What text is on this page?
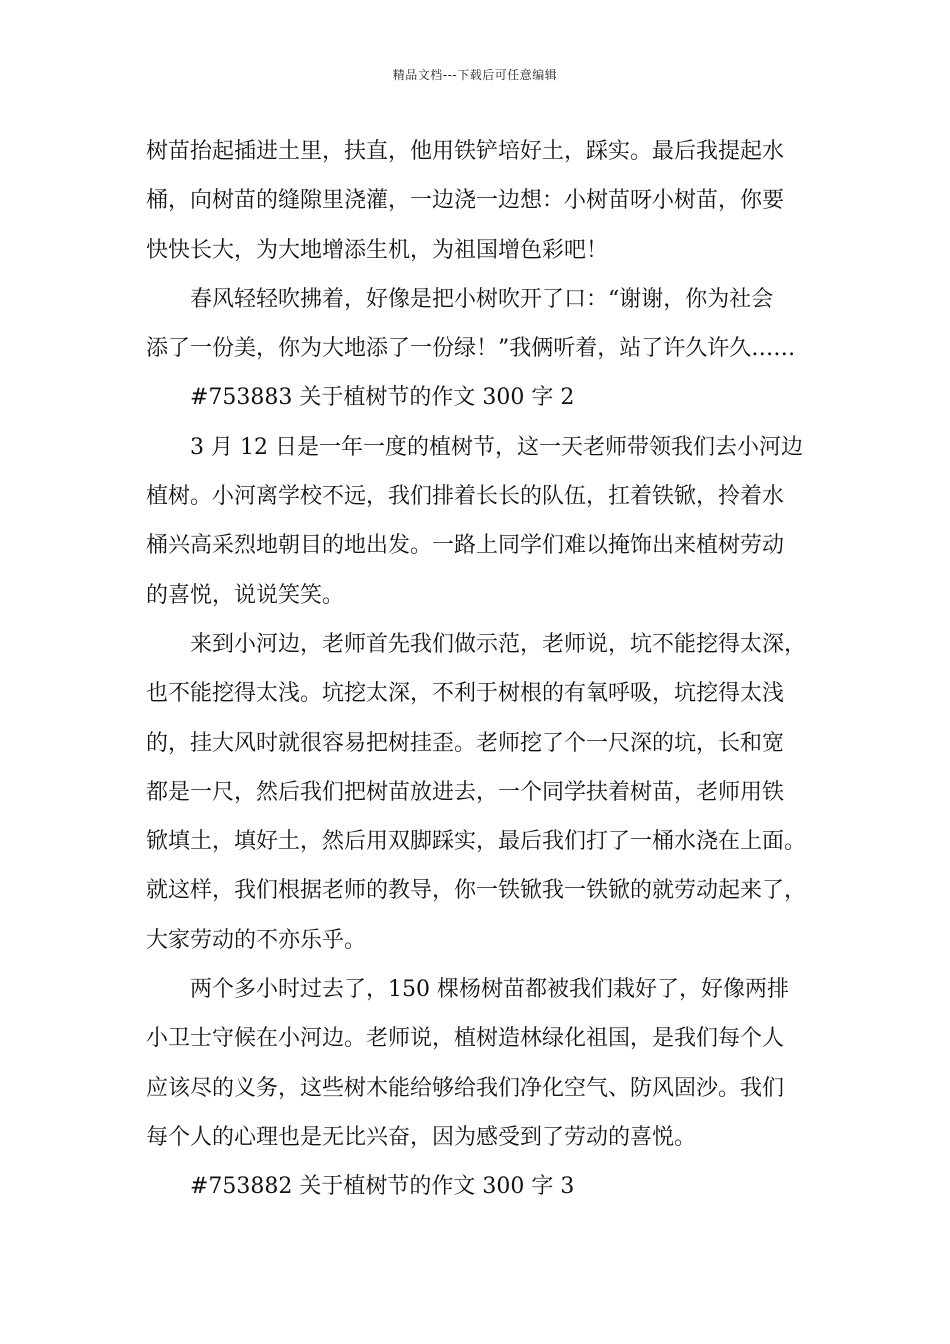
精品文档---下载后可任意编辑
树苗抬起插进土里，扶直，他用铁铲培好土，踩实。最后我提起水
桶，向树苗的缝隙里浇灌，一边浇一边想：小树苗呀小树苗，你要
快快长大，为大地增添生机，为祖国增色彩吧！
春风轻轻吹拂着，好像是把小树吹开了口：“谢谢，你为社会
添了一份美，你为大地添了一份绿！”我俩听着，站了许久许久……
#753883 关于植树节的作文 300 字 2
3 月 12 日是一年一度的植树节，这一天老师带领我们去小河边
植树。小河离学校不远，我们排着长长的队伍，扛着铁锨，拎着水
桶兴高采烈地朝目的地出发。一路上同学们难以掩饰出来植树劳动
的喜悦，说说笑笑。
来到小河边，老师首先我们做示范，老师说，坑不能挖得太深，
也不能挖得太浅。坑挖太深，不利于树根的有氧呼吸，坑挖得太浅
的，挂大风时就很容易把树挂歪。老师挖了个一尺深的坑，长和宽
都是一尺，然后我们把树苗放进去，一个同学扶着树苗，老师用铁
锨填土，填好土，然后用双脚踩实，最后我们打了一桶水浇在上面。
就这样，我们根据老师的教导，你一铁锨我一铁锨的就劳动起来了，
大家劳动的不亦乐乎。
两个多小时过去了，150 棵杨树苗都被我们栽好了，好像两排
小卫士守候在小河边。老师说，植树造林绿化祖国，是我们每个人
应该尽的义务，这些树木能给够给我们净化空气、防风固沙。我们
每个人的心理也是无比兴奋，因为感受到了劳动的喜悦。
#753882 关于植树节的作文 300 字 3
